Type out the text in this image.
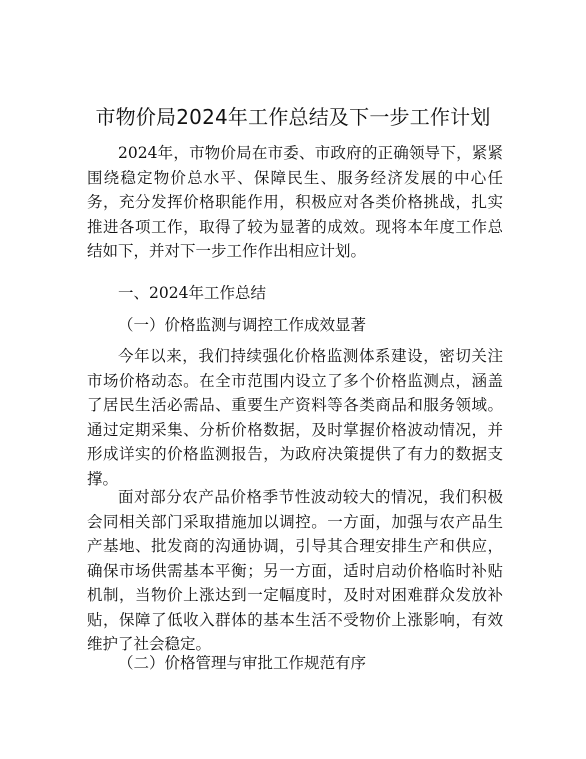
市物价局2024年工作总结及下一步工作计划

2024年，市物价局在市委、市政府的正确领导下，紧紧围绕稳定物价总水平、保障民生、服务经济发展的中心任务，充分发挥价格职能作用，积极应对各类价格挑战，扎实推进各项工作，取得了较为显著的成效。现将本年度工作总结如下，并对下一步工作作出相应计划。

一、2024年工作总结
（一）价格监测与调控工作成效显著

今年以来，我们持续强化价格监测体系建设，密切关注市场价格动态。在全市范围内设立了多个价格监测点，涵盖了居民生活必需品、重要生产资料等各类商品和服务领域。通过定期采集、分析价格数据，及时掌握价格波动情况，并形成详实的价格监测报告，为政府决策提供了有力的数据支撑。

面对部分农产品价格季节性波动较大的情况，我们积极会同相关部门采取措施加以调控。一方面，加强与农产品生产基地、批发商的沟通协调，引导其合理安排生产和供应，确保市场供需基本平衡；另一方面，适时启动价格临时补贴机制，当物价上涨达到一定幅度时，及时对困难群众发放补贴，保障了低收入群体的基本生活不受物价上涨影响，有效维护了社会稳定。

（二）价格管理与审批工作规范有序
